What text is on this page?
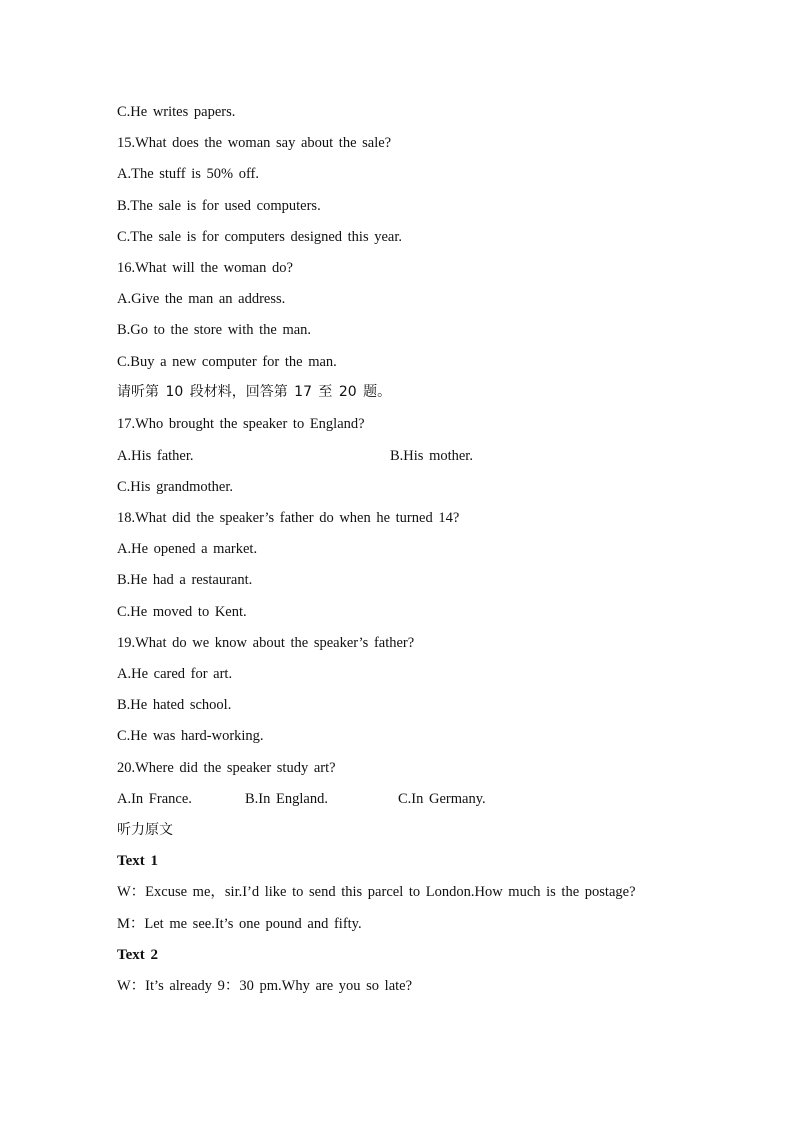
C.He writes papers.
15.What does the woman say about the sale?
A.The stuff is 50% off.
B.The sale is for used computers.
C.The sale is for computers designed this year.
16.What will the woman do?
A.Give the man an address.
B.Go to the store with the man.
C.Buy a new computer for the man.
请听第 10 段材料，回答第 17 至 20 题。
17.Who brought the speaker to England?
A.His father.	B.His mother.
C.His grandmother.
18.What did the speaker’s father do when he turned 14?
A.He opened a market.
B.He had a restaurant.
C.He moved to Kent.
19.What do we know about the speaker’s father?
A.He cared for art.
B.He hated school.
C.He was hard-working.
20.Where did the speaker study art?
A.In France.	B.In England.	C.In Germany.
听力原文
Text 1
W：Excuse me，sir.I’d like to send this parcel to London.How much is the postage?
M：Let me see.It’s one pound and fifty.
Text 2
W：It’s already 9：30 pm.Why are you so late?
